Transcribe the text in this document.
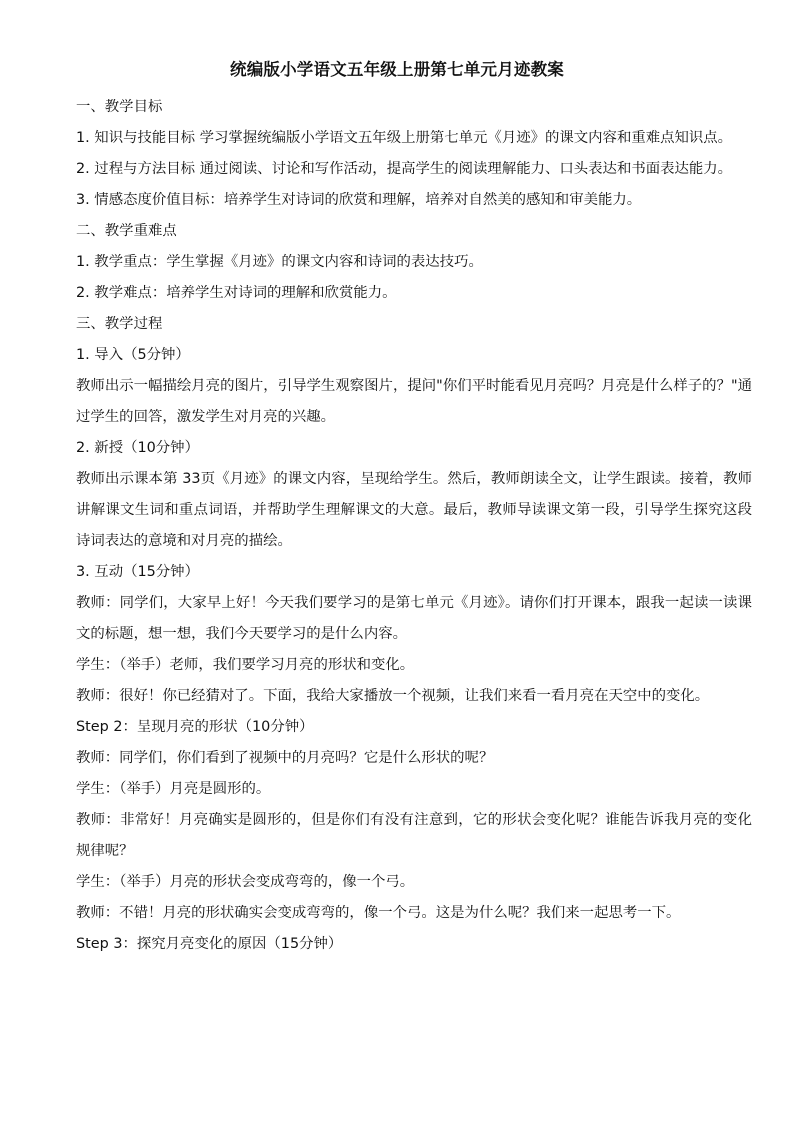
统编版小学语文五年级上册第七单元月迹教案

一、教学目标

1. 知识与技能目标 学习掌握统编版小学语文五年级上册第七单元《月迹》的课文内容和重难点知识点。

2. 过程与方法目标 通过阅读、讨论和写作活动，提高学生的阅读理解能力、口头表达和书面表达能力。

3. 情感态度价值目标：培养学生对诗词的欣赏和理解，培养对自然美的感知和审美能力。

二、教学重难点

1. 教学重点：学生掌握《月迹》的课文内容和诗词的表达技巧。

2. 教学难点：培养学生对诗词的理解和欣赏能力。

三、教学过程

1. 导入（5分钟）

教师出示一幅描绘月亮的图片，引导学生观察图片，提问"你们平时能看见月亮吗？月亮是什么样子的？"通过学生的回答，激发学生对月亮的兴趣。

2. 新授（10分钟）

教师出示课本第 33页《月迹》的课文内容，呈现给学生。然后，教师朗读全文，让学生跟读。接着，教师讲解课文生词和重点词语，并帮助学生理解课文的大意。最后，教师导读课文第一段，引导学生探究这段诗词表达的意境和对月亮的描绘。

3. 互动（15分钟）

教师：同学们，大家早上好！今天我们要学习的是第七单元《月迹》。请你们打开课本，跟我一起读一读课文的标题，想一想，我们今天要学习的是什么内容。

学生：（举手）老师，我们要学习月亮的形状和变化。

教师：很好！你已经猜对了。下面，我给大家播放一个视频，让我们来看一看月亮在天空中的变化。

Step 2：呈现月亮的形状（10分钟）

教师：同学们，你们看到了视频中的月亮吗？它是什么形状的呢？

学生：（举手）月亮是圆形的。

教师：非常好！月亮确实是圆形的，但是你们有没有注意到，它的形状会变化呢？谁能告诉我月亮的变化规律呢？

学生：（举手）月亮的形状会变成弯弯的，像一个弓。

教师：不错！月亮的形状确实会变成弯弯的，像一个弓。这是为什么呢？我们来一起思考一下。

Step 3：探究月亮变化的原因（15分钟）
